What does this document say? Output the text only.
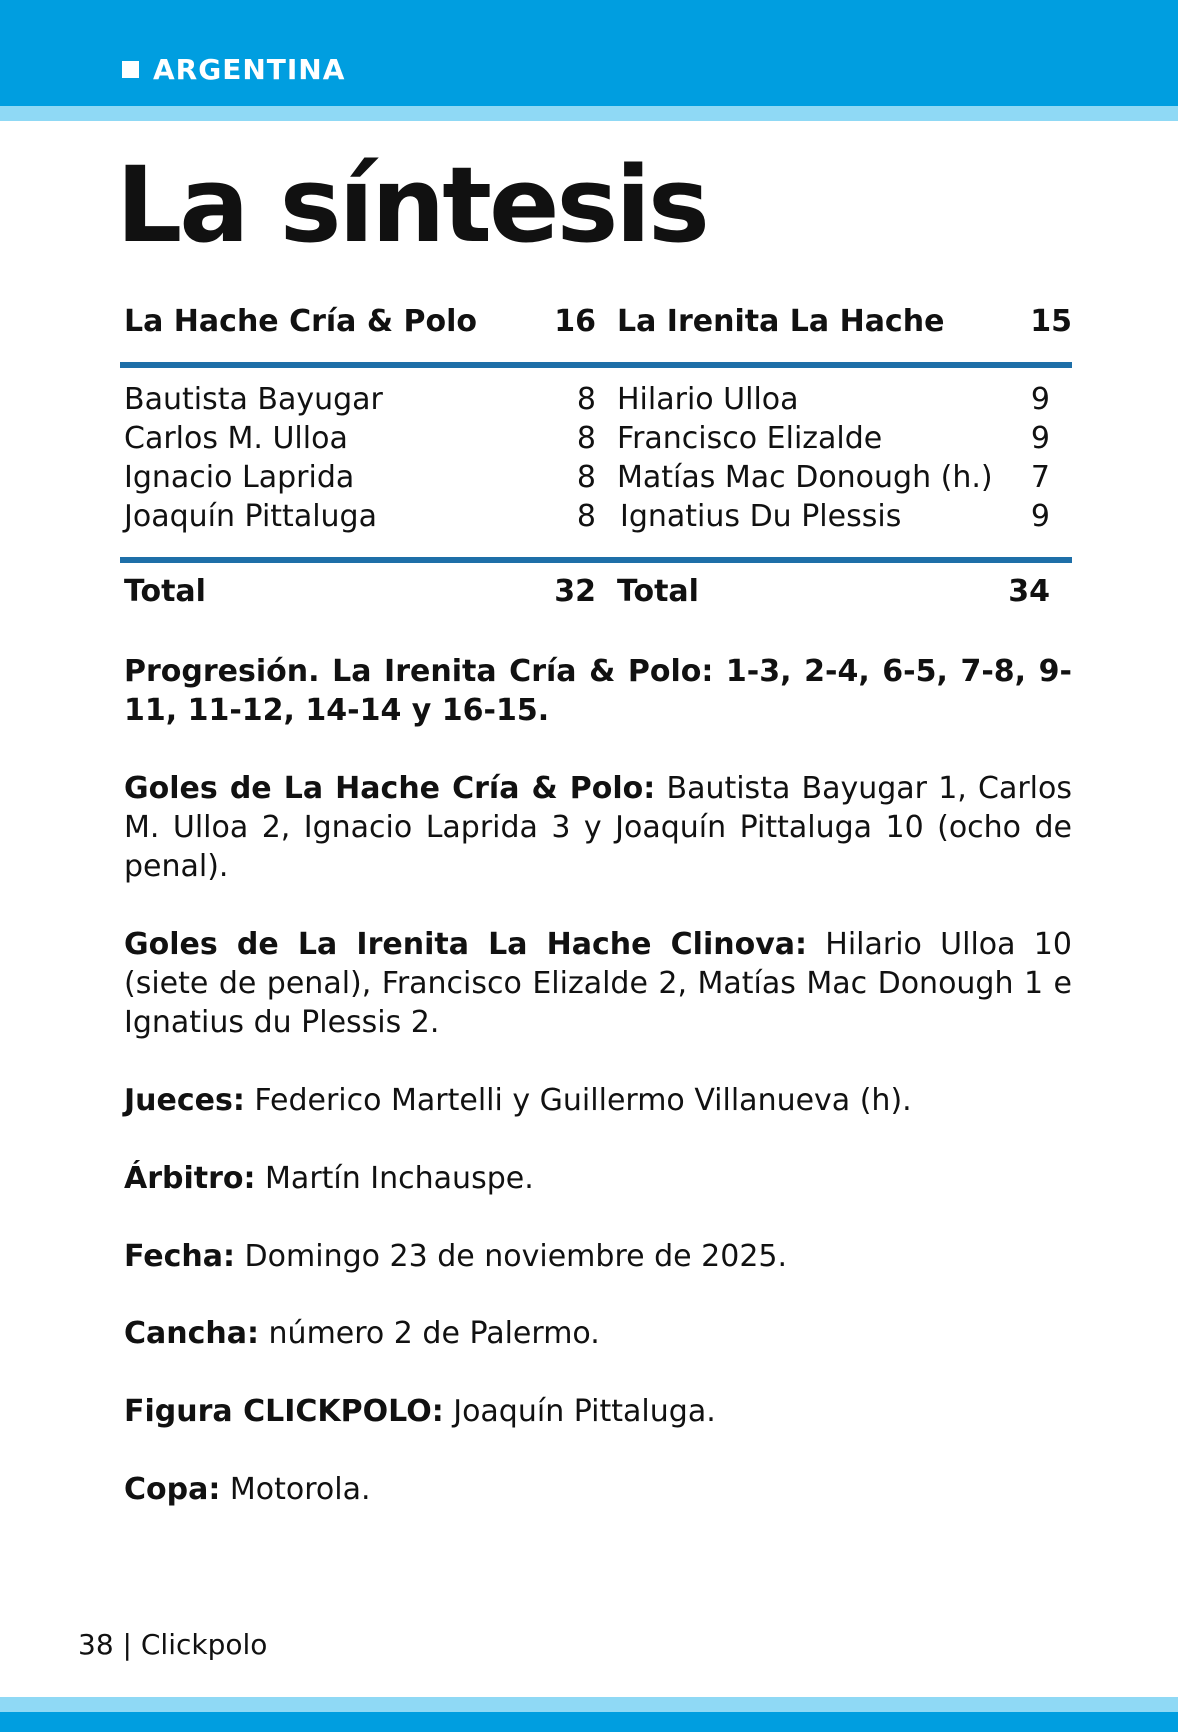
ARGENTINA
La síntesis
La Hache Cría & Polo	16 La Irenita La Hache	15
Bautista Bayugar	8 Hilario Ulloa	9
Carlos M. Ulloa	8 Francisco Elizalde	9
Ignacio Laprida	8 Matías Mac Donough (h.) 7
Joaquín Pittaluga	8 Ignatius Du Plessis	9
Total	32 Total	34
Progresión. La Irenita Cría & Polo: 1-3, 2-4, 6-5, 7-8, 9-11, 11-12, 14-14 y 16-15.
Goles de La Hache Cría & Polo: Bautista Bayugar 1, Carlos M. Ulloa 2, Ignacio Laprida 3 y Joaquín Pittaluga 10 (ocho de penal).
Goles de La Irenita La Hache Clinova: Hilario Ulloa 10 (siete de penal), Francisco Elizalde 2, Matías Mac Donough 1 e Ignatius du Plessis 2.
Jueces: Federico Martelli y Guillermo Villanueva (h).
Árbitro: Martín Inchauspe.
Fecha: Domingo 23 de noviembre de 2025.
Cancha: número 2 de Palermo.
Figura CLICKPOLO: Joaquín Pittaluga.
Copa: Motorola.
38 | Clickpolo
